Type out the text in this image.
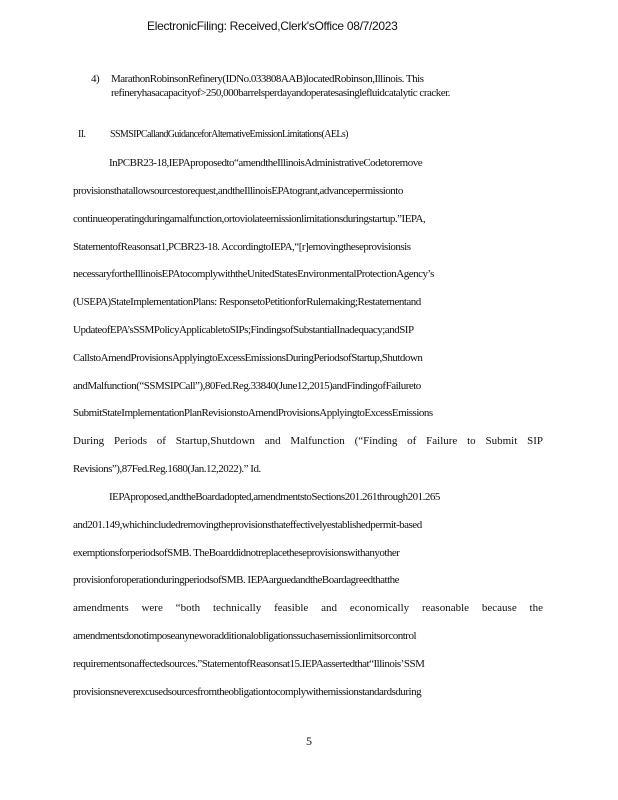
ElectronicFiling: Received,Clerk'sOffice 08/7/2023
4) MarathonRobinsonRefinery(IDNo.033808AAB)locatedRobinson,Illinois. This refineryhasacapacityof>250,000barrelsperdayandoperatesasinglefluidcatalytic cracker.
II. SSMSIPCallandGuidanceforAlternativeEmissionLimitations(AELs)
InPCBR23-18,IEPAproposedto“amendtheIllinoisAdministrativeCodetoremove
provisionsthatallowsourcestorequest,andtheIllinoisEPAtogrant,advancepermissionto
continueoperatingduringamalfunction,ortoviolateemissionlimitationsduringstartup.”IEPA,
StatementofReasonsat1,PCBR23-18. AccordingtoIEPA,“[r]emovingtheseprovisionsis
necessaryfortheIllinoisEPAtocomplywiththeUnitedStatesEnvironmentalProtectionAgency’s
(USEPA)StateImplementationPlans: ResponsetoPetitionforRulemaking;Restatementand
UpdateofEPA’sSSMPolicyApplicabletoSIPs;FindingsofSubstantialInadequacy;andSIP
CallstoAmendProvisionsApplyingtoExcessEmissionsDuringPeriodsofStartup,Shutdown
andMalfunction(“SSMSIPCall”),80Fed.Reg.33840(June12,2015)andFindingofFailureto
SubmitStateImplementationPlanRevisionstoAmendProvisionsApplyingtoExcessEmissions
During Periods of Startup,Shutdown and Malfunction (“Finding of Failure to Submit SIP
Revisions”),87Fed.Reg.1680(Jan.12,2022).” Id.
IEPAproposed,andtheBoardadopted,amendmentstoSections201.261through201.265
and201.149,whichincludedremovingtheprovisionsthateffectivelyestablishedpermit-based
exemptionsforperiodsofSMB. TheBoarddidnotreplacetheseprovisionswithanyother
provisionforoperationduringperiodsofSMB. IEPAarguedandtheBoardagreedthatthe
amendments were “both technically feasible and economically reasonable because the
amendmentsdonotimposeanyneworadditionalobligationssuchasemissionlimitsorcontrol
requirementsonaffectedsources.”StatementofReasonsat15.IEPAassertedthat“Illinois’SSM
provisionsneverexcusedsourcesfromtheobligationtocomplywithemissionstandardsduring
5
